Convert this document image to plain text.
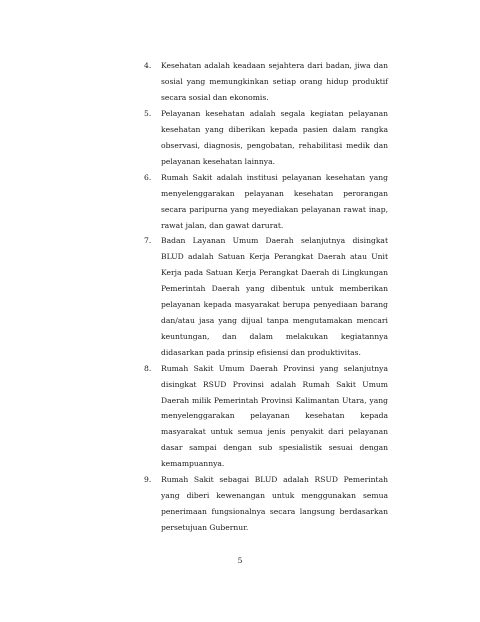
4. Kesehatan adalah keadaan sejahtera dari badan, jiwa dan sosial yang memungkinkan setiap orang hidup produktif secara sosial dan ekonomis.
5. Pelayanan kesehatan adalah segala kegiatan pelayanan kesehatan yang diberikan kepada pasien dalam rangka observasi, diagnosis, pengobatan, rehabilitasi medik dan pelayanan kesehatan lainnya.
6. Rumah Sakit adalah institusi pelayanan kesehatan yang menyelenggarakan pelayanan kesehatan perorangan secara paripurna yang meyediakan pelayanan rawat inap, rawat jalan, dan gawat darurat.
7. Badan Layanan Umum Daerah selanjutnya disingkat BLUD adalah Satuan Kerja Perangkat Daerah atau Unit Kerja pada Satuan Kerja Perangkat Daerah di Lingkungan Pemerintah Daerah yang dibentuk untuk memberikan pelayanan kepada masyarakat berupa penyediaan barang dan/atau jasa yang dijual tanpa mengutamakan mencari keuntungan, dan dalam melakukan kegiatannya didasarkan pada prinsip efisiensi dan produktivitas.
8. Rumah Sakit Umum Daerah Provinsi yang selanjutnya disingkat RSUD Provinsi adalah Rumah Sakit Umum Daerah milik Pemerintah Provinsi Kalimantan Utara, yang menyelenggarakan pelayanan kesehatan kepada masyarakat untuk semua jenis penyakit dari pelayanan dasar sampai dengan sub spesialistik sesuai dengan kemampuannya.
9. Rumah Sakit sebagai BLUD adalah RSUD Pemerintah yang diberi kewenangan untuk menggunakan semua penerimaan fungsionalnya secara langsung berdasarkan persetujuan Gubernur.
5
